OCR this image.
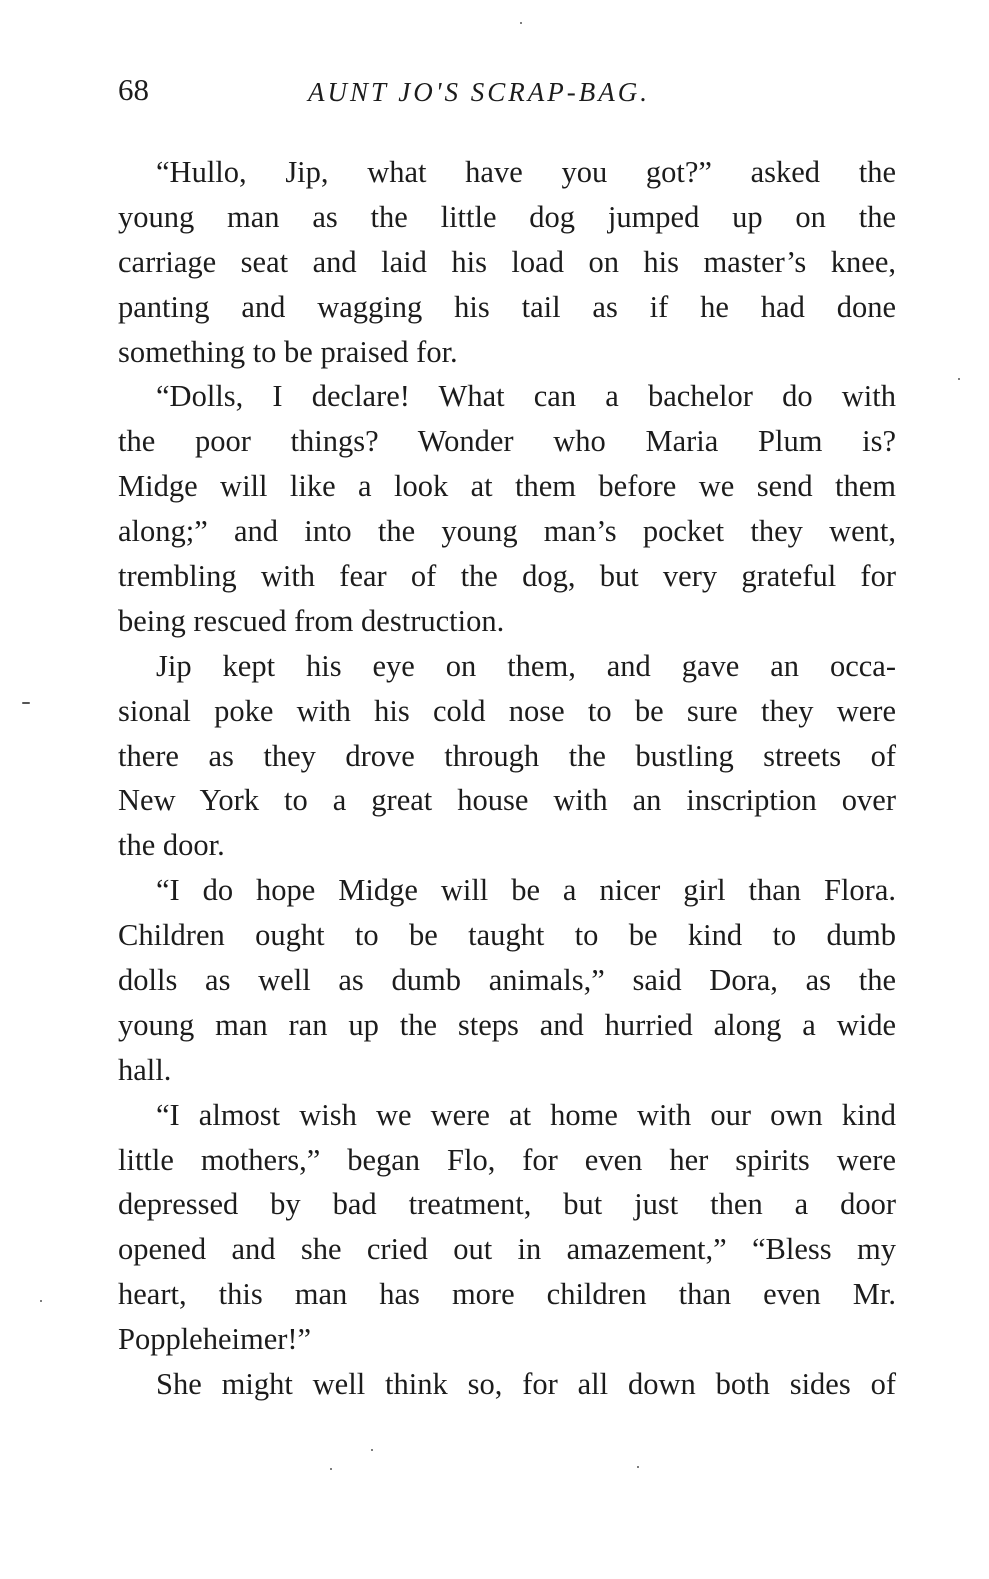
68	AUNT JO'S SCRAP-BAG.

“Hullo, Jip, what have you got?” asked the
young man as the little dog jumped up on the
carriage seat and laid his load on his master’s knee,
panting and wagging his tail as if he had done
something to be praised for.

“Dolls, I declare! What can a bachelor do with
the poor things? Wonder who Maria Plum is?
Midge will like a look at them before we send them
along;” and into the young man’s pocket they went,
trembling with fear of the dog, but very grateful for
being rescued from destruction.

Jip kept his eye on them, and gave an occa-
sional poke with his cold nose to be sure they were
there as they drove through the bustling streets of
New York to a great house with an inscription over
the door.

“I do hope Midge will be a nicer girl than Flora.
Children ought to be taught to be kind to dumb
dolls as well as dumb animals,” said Dora, as the
young man ran up the steps and hurried along a wide
hall.

“I almost wish we were at home with our own kind
little mothers,” began Flo, for even her spirits were
depressed by bad treatment, but just then a door
opened and she cried out in amazement,” “Bless my
heart, this man has more children than even Mr.
Poppleheimer!”

She might well think so, for all down both sides of
